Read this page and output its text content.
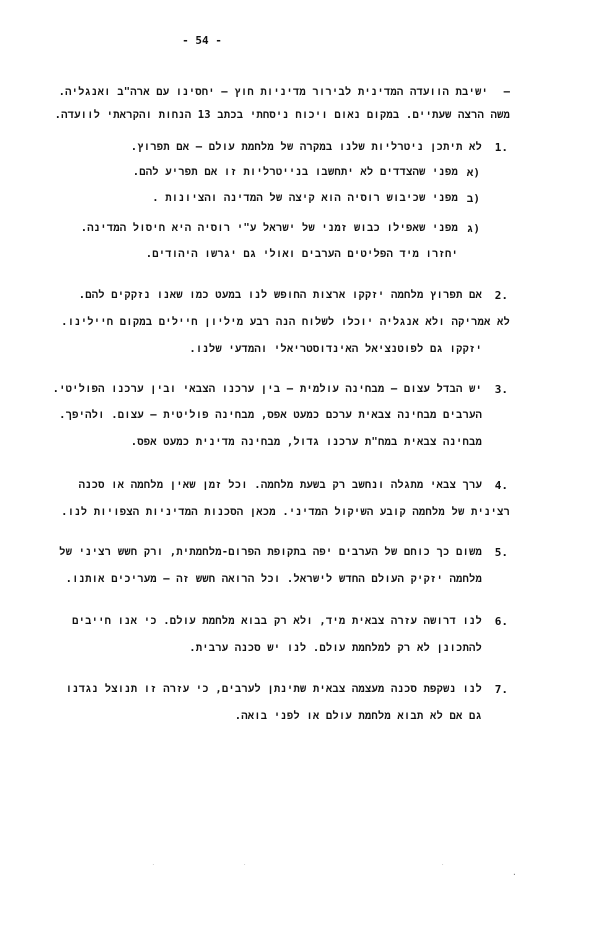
- 54 -
–
ישיבת הוועדה המדינית לבירור מדיניות חוץ – יחסינו עם ארה"ב ואנגליה.
משה הרצה שעתיים. במקום נאום ויכוח ניסחתי בכתב 13 הנחות והקראתי לוועדה.
1.
לא תיתכן ניטרליות שלנו במקרה של מלחמת עולם – אם תפרוץ.
א)
מפני שהצדדים לא יתחשבו בנייטרליות זו אם תפריע להם.
ב)
מפני שכיבוש רוסיה הוא קיצה של המדינה והציונות .
ג)
מפני שאפילו כבוש זמני של ישראל ע"י רוסיה היא חיסול המדינה.
יחזרו מיד הפליטים הערבים ואולי גם יגרשו היהודים.
2.
אם תפרוץ מלחמה יזקקו ארצות החופש לנו במעט כמו שאנו נזקקים להם.
לא אמריקה ולא אנגליה יוכלו לשלוח הנה רבע מיליון חיילים במקום חיילינו.
יזקקו גם לפוטנציאל האינדוסטריאלי והמדעי שלנו.
3.
יש הבדל עצום – מבחינה עולמית – בין ערכנו הצבאי ובין ערכנו הפוליטי.
הערבים מבחינה צבאית ערכם כמעט אפס, מבחינה פוליטית – עצום. ולהיפך.
מבחינה צבאית במח"ת ערכנו גדול, מבחינה מדינית כמעט אפס.
4.
ערך צבאי מתגלה ונחשב רק בשעת מלחמה. וכל זמן שאין מלחמה או סכנה
רצינית של מלחמה קובע השיקול המדיני. מכאן הסכנות המדיניות הצפויות לנו.
5.
משום כך כוחם של הערבים יפה בתקופת הפרום-מלחמתית, ורק חשש רציני של
מלחמה יזקיק העולם החדש לישראל. וכל הרואה חשש זה – מעריכים אותנו.
6.
לנו דרושה עזרה צבאית מיד, ולא רק בבוא מלחמת עולם. כי אנו חייבים
להתכונן לא רק למלחמת עולם. לנו יש סכנה ערבית.
7.
לנו נשקפת סכנה מעצמה צבאית שתינתן לערבים, כי עזרה זו תנוצל נגדנו
גם אם לא תבוא מלחמת עולם או לפני בואה.
.           .                         .
·
